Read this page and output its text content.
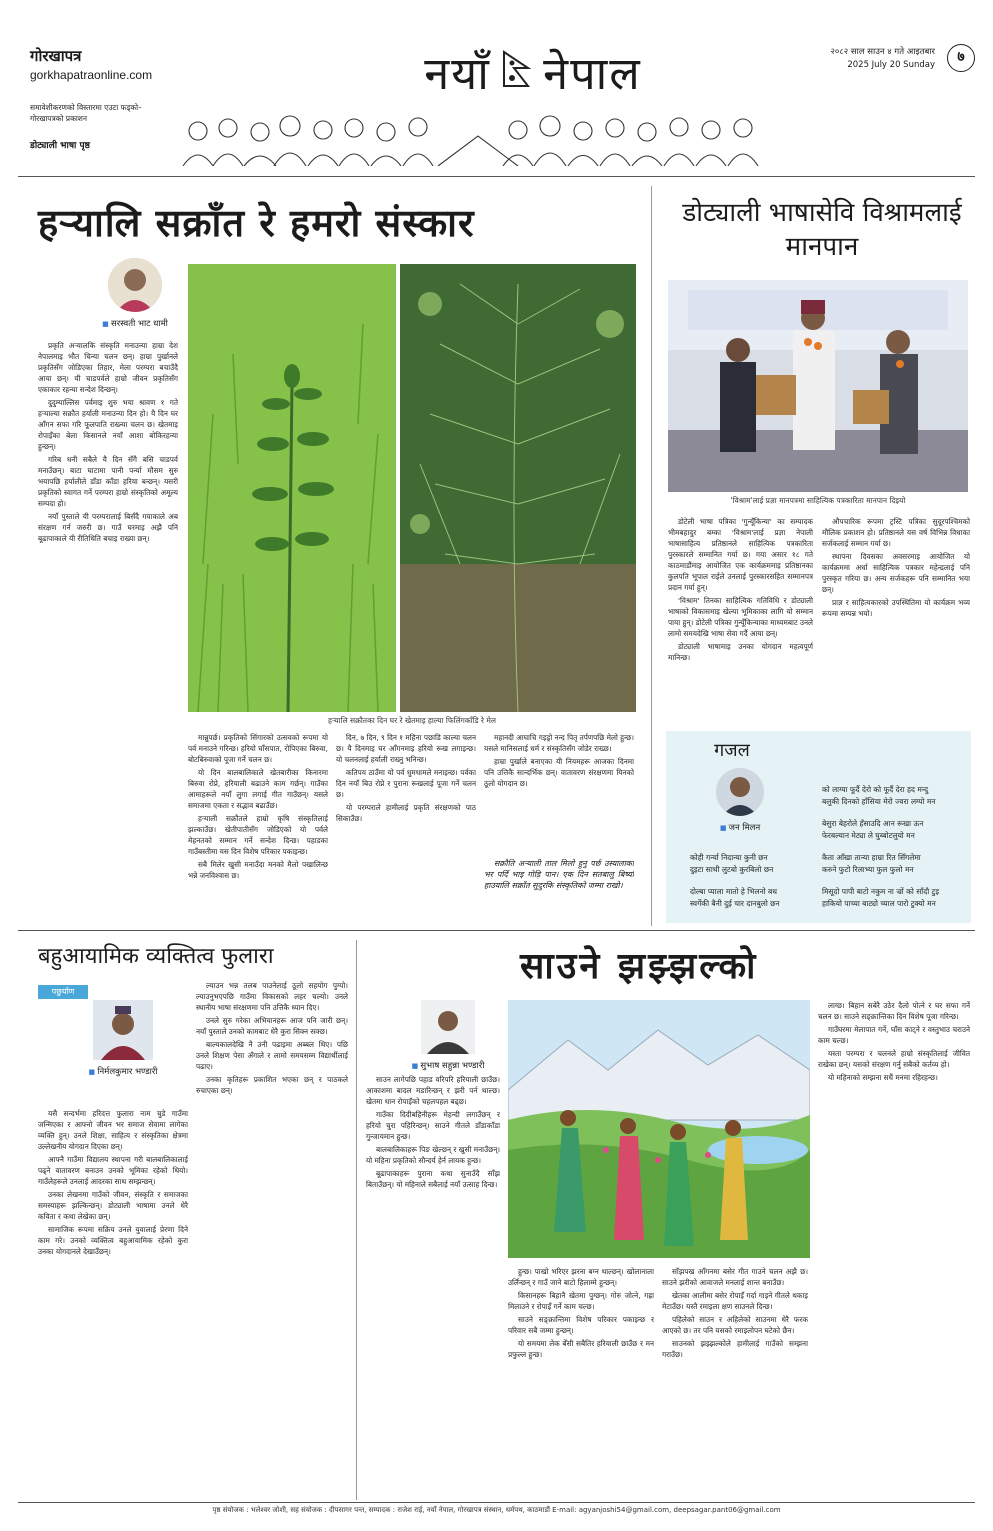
गोरखापत्र
gorkhapatraonline.com
समावेशीकरणको विस्तारमा एउटा फड्को– गोरखापत्रको प्रकाशन
डोट्याली भाषा पृष्ठ
नयाँ नेपाल	२०८२ साल साउन ४ गते आइतबार
2025 July 20 Sunday	७
हऱ्यालि सक्राँत रे हमरो संस्कार
■ सरस्वती भाट धामी

प्रकृति अऱ्यालकि संस्कृति मनाउन्या हाम्रा देश नेपालमाइ भौत चिन्या चलन छन्। हाम्रा पुर्खानले प्रकृतिसँग जोडिएका तिहार, मेला परम्परा बचाउँदै आया छन्। यी चाडपर्वले हाम्रो जीवन प्रकृतिसँग एकाकार रहन्या सन्देश दिन्छन्।

दुदुम्याल्लिस पर्वमाइ शुरु भया श्रावण १ गते हऱ्याल्या सक्रौत हर्याली मनाउन्या दिन हो। यै दिन घर आँगन सफा गरि फूलपाति राख्न्या चलन छ। खेतमाइ रोपाइँका बेला किसानले नयाँ आशा बोकिरहन्या हुन्छन्।

गरिब धनी सबैले यै दिन सँगै बसि चाडपर्व मनाउँछन्। बाटा घाटामा पानी पर्न्या मौसम सुरु भयापछि हर्यालीले डाँडा काँडा हरिया बन्छन्। यसरी प्रकृतिको स्वागत गर्ने परम्परा हाम्रो संस्कृतिको अमूल्य सम्पदा हो।

नयाँ पुस्ताले यी परम्परालाई बिर्सँदै गयाकाले अब संरक्षण गर्न जरुरी छ। गाउँ घरमाइ अझै पनि बूढापाकाले यी रीतिथिति बचाइ राख्या छन्।

हऱ्यालि सक्रौतका दिन घर रे खेतमाइ हाल्या फिलिंगकाँडि रे मेल

मान्नुपर्छ। प्रकृतिको सिंगारको उत्सवको रूपमा यो पर्व मनाउने गरिन्छ। हरियो घाँसपात, रोपिएका बिरुवा, बोटबिरुवाको पूजा गर्ने चलन छ।

यो दिन बालबालिकाले खेतबारीका किनारमा बिरुवा रोप्ने, हरियाली बढाउने काम गर्छन्। गाउँका आमाहरूले नयाँ लुगा लगाई गीत गाउँछन्। यसले समाजमा एकता र सद्भाव बढाउँछ।

हऱ्याली सक्रौतले हाम्रो कृषि संस्कृतिलाई झल्काउँछ। खेतीपातीसँग जोडिएको यो पर्वले मेहनतको सम्मान गर्ने सन्देश दिन्छ। पहाडका गाउँबस्तीमा यस दिन विशेष परिकार पकाइन्छ।

सबै मिलेर खुसी मनाउँदा मनको मैलो पखालिन्छ भन्ने जनविश्वास छ।

दिन, ७ दिन, ९ दिन १ महिना पछाडि काल्या चलन छ। यै दिनमाइ घर आँगनमाइ हरियो रूख लगाइन्छ। यो चलनलाई हर्याली राख्नु भनिन्छ।

कतिपय ठाउँमा यो पर्व धुमधामले मनाइन्छ। पर्वका दिन नयाँ बिउ रोप्ने र पुराना रूखलाई पूजा गर्ने चलन छ।

यो परम्पराले हामीलाई प्रकृति संरक्षणको पाठ सिकाउँछ।

महानदी आघाचि गइड्रो नन्द पितृ तर्पणपछि मेलो हुन्छ। यसले मानिसलाई धर्म र संस्कृतिसँग जोडेर राख्छ।

हाम्रा पुर्खाले बनाएका यी नियमहरू आजका दिनमा पनि उत्तिकै सान्दर्भिक छन्। वातावरण संरक्षणमा यिनको ठूलो योगदान छ।

सक्रौति अऱ्याली ताल मिलो हुनु पर्छ उस्यालाका भर पर्दि भाइ गोड़ि पान। एक दिन सतबालु बिर्ष्या हाउयालि सक्राँत सुदुरकि संस्कृतिको जम्मा राखो।

डोट्याली भाषासेवि विश्रामलाई मानपान
'विश्राम'लाई प्रज्ञा मानपत्रमा साहित्यिक पत्रकारिता मानपान दिइयो

डोटेली भाषा पत्रिका 'गुन्यूँकिन्या' का सम्पादक भीमबहादुर बम्का 'विश्राम'लाई प्रज्ञा नेपाली भाषासाहित्य प्रतिष्ठानले साहित्यिक पत्रकारिता पुरस्कारले सम्मानित गर्या छ। गया असार १८ गते काठमाडौंमाइ आयोजित एक कार्यक्रममाइ प्रतिष्ठानका कुलपति भूपाल राईले उनलाई पुरस्कारसहित सम्मानपत्र प्रदान गर्या हुन्।

'विश्राम' तिनका साहित्यिक गतिविधि र डोट्याली भाषाको विकासमाइ खेल्या भूमिकाका लागि यो सम्मान पाया हुन्। डोटेली पत्रिका गुन्यूँकिन्याका माध्यमबाट उनले लामो समयदेखि भाषा सेवा गर्दै आया छन्।

डोट्याली भाषामाइ उनका योगदान महत्वपूर्ण मानिन्छ।

औपचारिक रूपमा ट्रस्टि पत्रिका सुदूरपश्चिमको मौलिक प्रकाशन हो। प्रतिष्ठानले यस वर्ष विभिन्न विधाका सर्जकलाई सम्मान गर्या छ।

स्थापना दिवसका अवसरमाइ आयोजित यो कार्यक्रममा अर्धा साहित्यिक पत्रकार महेन्द्रलाई पनि पुरस्कृत गरिया छ। अन्य सर्जकहरू पनि सम्मानित भया छन्।

प्राज्ञ र साहित्यकारको उपस्थितिमा यो कार्यक्रम भव्य रूपमा सम्पन्न भयो।

गजल
■ जन मिलन
कोही गर्न्या निदान्या कुनी छन
दुइटा साथी लुटबो कुरबिलो छन
दोल्बा प्याला मातो हे भिलनो बध
स्वर्गेकी बैनी दुई चार दानबुलो छन
को लाग्या फूर्दै देरो को फूर्दै देरा हद मन्दु
बलुकी दिनको हाँसिया मेरो ज्वरा लग्यो मन
बेसुरा बेहरोले हँसाउदि आन रूखा ऊन
फेरबल्यान मेट्या ले घुब्बोटलुयो मन
कैता आँखा तान्या हाम्रा रित सिँगलेमा
करुने फुटो रिलाभ्या फुल फुलो मन
मिसूदो पापी बाटो नकुम ना ज्रों को साँदौ टुइ
हाकियो पाच्या बाट्यो च्याल पारो टुक्यो मन
बहुआयामिक व्यक्तित्व फुलारा
पछुर्याण
■ निर्मलकुमार भण्डारी

यसै सन्दर्भमा हरिदत्त फुलारा नाम चुडे गाउँमा जन्मिएका र आफ्नो जीवन भर समाज सेवामा लागेका व्यक्ति हुन्। उनले शिक्षा, साहित्य र संस्कृतिका क्षेत्रमा उल्लेखनीय योगदान दिएका छन्।

आफ्नै गाउँमा विद्यालय स्थापना गरी बालबालिकालाई पढ्ने वातावरण बनाउन उनको भूमिका रहेको थियो। गाउँलेहरूले उनलाई आदरका साथ सम्झन्छन्।

उनका लेखनमा गाउँको जीवन, संस्कृति र समाजका समस्याहरू झल्किन्छन्। डोट्याली भाषामा उनले धेरै कविता र कथा लेखेका छन्।

सामाजिक रूपमा सक्रिय उनले युवालाई प्रेरणा दिने काम गरे। उनको व्यक्तित्व बहुआयामिक रहेको कुरा उनका योगदानले देखाउँछन्।

ल्याउन भन्न तलब पाउनेलाई ठूलो सहयोग पुग्यो। ल्याउनुभएपछि गाउँमा विकासको लहर चल्यो। उनले स्थानीय भाषा संरक्षणमा पनि उत्तिकै ध्यान दिए।

उनले सुरु गरेका अभियानहरू आज पनि जारी छन्। नयाँ पुस्ताले उनको कामबाट धेरै कुरा सिक्न सक्छ।

बाल्यकालदेखि नै उनी पढाइमा अब्बल थिए। पछि उनले शिक्षण पेसा अँगाले र लामो समयसम्म विद्यार्थीलाई पढाए।

उनका कृतिहरू प्रकाशित भएका छन् र पाठकले रुचाएका छन्।

साउने झझ्झल्को
■ सुभाष सहुन्ना भण्डारी

साउन लागेपछि पहाड वरिपरि हरियाली छाउँछ। आकाशमा बादल मडारिन्छन् र झरी पर्न थाल्छ। खेतमा धान रोपाइँको चहलपहल बढ्छ।

गाउँका दिदीबहिनीहरू मेहन्दी लगाउँछन् र हरियो चुरा पहिरिन्छन्। साउने गीतले डाँडाकाँडा गुन्जायमान हुन्छ।

बालबालिकाहरू पिङ खेल्छन् र खुसी मनाउँछन्। यो महिना प्रकृतिको सौन्दर्य हेर्न लायक हुन्छ।

बूढापाकाहरू पुराना कथा सुनाउँदै साँझ बिताउँछन्। यो महिनाले सबैलाई नयाँ उत्साह दिन्छ।

हुन्छ। पाखो भरिएर झरना बग्न थाल्छन्। खोलानाला उर्लिन्छन् र गाउँ जाने बाटो हिलाम्मे हुन्छन्।

किसानहरू बिहानै खेतमा पुग्छन्। गोरु जोत्ने, गह्रा मिलाउने र रोपाइँ गर्ने काम चल्छ।

साउने सङ्क्रान्तिमा विशेष परिकार पकाइन्छ र परिवार सबै जम्मा हुन्छन्।

यो समयमा लेक बेँसी सबैतिर हरियाली छाउँछ र मन प्रफुल्ल हुन्छ।

साँझपख आँगनमा बसेर गीत गाउने चलन अझै छ। साउने झरीको आवाजले मनलाई शान्त बनाउँछ।

खेतका आलीमा बसेर रोपाइँ गर्दा गाइने गीतले थकाइ मेटाउँछ। यस्तै रमाइला क्षण साउनले दिन्छ।

पहिलेको साउन र अहिलेको साउनमा धेरै फरक आएको छ। तर पनि यसको रमाइलोपन घटेको छैन।

साउनको झझ्झल्कोले हामीलाई गाउँको सम्झना गराउँछ।

लाग्छ। बिहान सबेरै उठेर दैलो पोत्ने र घर सफा गर्ने चलन छ। साउने सङ्क्रान्तिका दिन विशेष पूजा गरिन्छ।

गाउँघरमा मेलापात गर्ने, घाँस काट्ने र वस्तुभाउ चराउने काम चल्छ।

यस्ता परम्परा र चलनले हाम्रो संस्कृतिलाई जीवित राखेका छन्। यसको संरक्षण गर्नु सबैको कर्तव्य हो।

यो महिनाको सम्झना सधैं मनमा रहिरहन्छ।

पृष्ठ संयोजक : भलेश्वर जोशी, सह संयोजक : दीपसागर पन्त, सम्पादक : राजेश राई, नयाँ नेपाल, गोरखापत्र संस्थान, धर्मपथ, काठमाडौं E-mail: agyanjoshi54@gmail.com, deepsagar.pant06@gmail.com
